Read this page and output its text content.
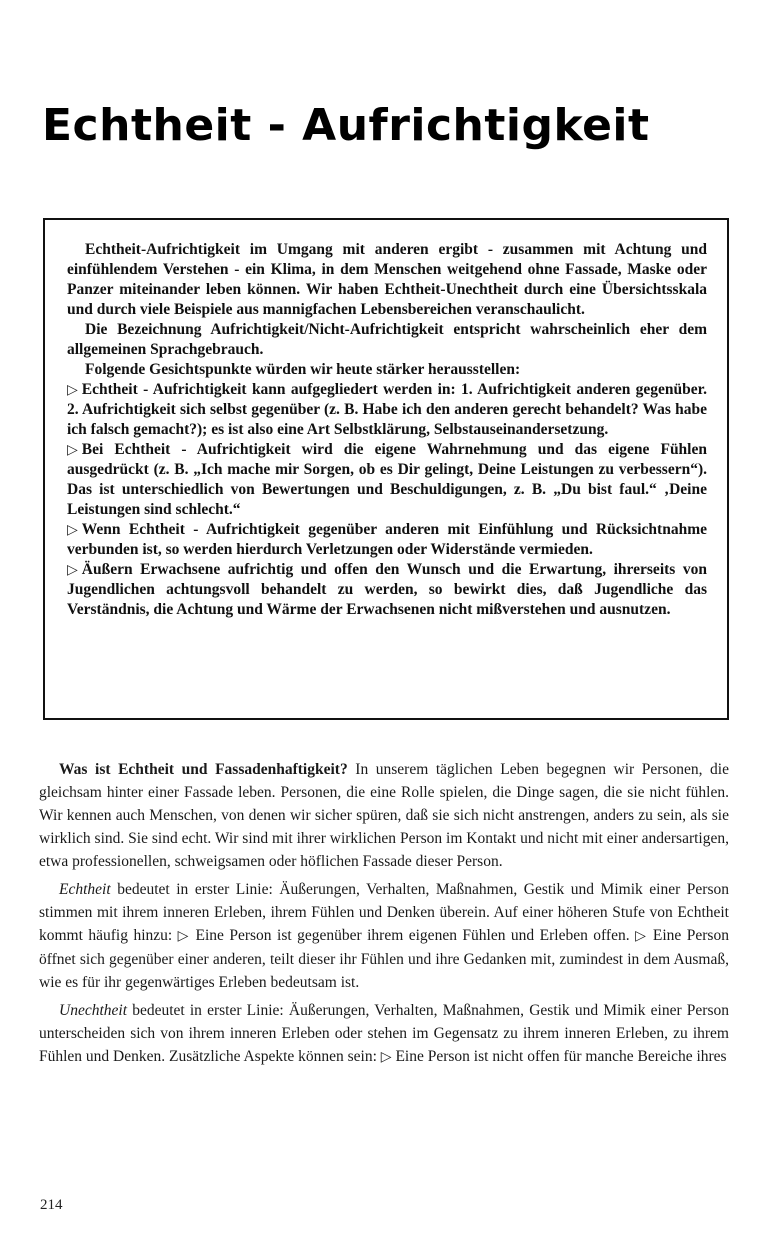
Echtheit - Aufrichtigkeit

Echtheit-Aufrichtigkeit im Umgang mit anderen ergibt - zusammen mit Achtung und einfühlendem Verstehen - ein Klima, in dem Menschen weitgehend ohne Fassade, Maske oder Panzer miteinander leben können. Wir haben Echtheit-Unechtheit durch eine Übersichtsskala und durch viele Beispiele aus mannigfachen Lebensbereichen veranschaulicht.

Die Bezeichnung Aufrichtigkeit/Nicht-Aufrichtigkeit entspricht wahrscheinlich eher dem allgemeinen Sprachgebrauch.

Folgende Gesichtspunkte würden wir heute stärker herausstellen:

▷ Echtheit - Aufrichtigkeit kann aufgegliedert werden in: 1. Aufrichtigkeit anderen gegenüber. 2. Aufrichtigkeit sich selbst gegenüber (z. B. Habe ich den anderen gerecht behandelt? Was habe ich falsch gemacht?); es ist also eine Art Selbstklärung, Selbstauseinandersetzung.

▷ Bei Echtheit - Aufrichtigkeit wird die eigene Wahrnehmung und das eigene Fühlen ausgedrückt (z. B. „Ich mache mir Sorgen, ob es Dir gelingt, Deine Leistungen zu verbessern“). Das ist unterschiedlich von Bewertungen und Beschuldigungen, z. B. „Du bist faul.“ ‚Deine Leistungen sind schlecht.“

▷ Wenn Echtheit - Aufrichtigkeit gegenüber anderen mit Einfühlung und Rücksichtnahme verbunden ist, so werden hierdurch Verletzungen oder Widerstände vermieden.

▷ Äußern Erwachsene aufrichtig und offen den Wunsch und die Erwartung, ihrerseits von Jugendlichen achtungsvoll behandelt zu werden, so bewirkt dies, daß Jugendliche das Verständnis, die Achtung und Wärme der Erwachsenen nicht mißverstehen und ausnutzen.

Was ist Echtheit und Fassadenhaftigkeit? In unserem täglichen Leben begegnen wir Personen, die gleichsam hinter einer Fassade leben. Personen, die eine Rolle spielen, die Dinge sagen, die sie nicht fühlen. Wir kennen auch Menschen, von denen wir sicher spüren, daß sie sich nicht anstrengen, anders zu sein, als sie wirklich sind. Sie sind echt. Wir sind mit ihrer wirklichen Person im Kontakt und nicht mit einer andersartigen, etwa professionellen, schweigsamen oder höflichen Fassade dieser Person.

Echtheit bedeutet in erster Linie: Äußerungen, Verhalten, Maßnahmen, Gestik und Mimik einer Person stimmen mit ihrem inneren Erleben, ihrem Fühlen und Denken überein. Auf einer höheren Stufe von Echtheit kommt häufig hinzu: ▷ Eine Person ist gegenüber ihrem eigenen Fühlen und Erleben offen. ▷ Eine Person öffnet sich gegenüber einer anderen, teilt dieser ihr Fühlen und ihre Gedanken mit, zumindest in dem Ausmaß, wie es für ihr gegenwärtiges Erleben bedeutsam ist.

Unechtheit bedeutet in erster Linie: Äußerungen, Verhalten, Maßnahmen, Gestik und Mimik einer Person unterscheiden sich von ihrem inneren Erleben oder stehen im Gegensatz zu ihrem inneren Erleben, zu ihrem Fühlen und Denken. Zusätzliche Aspekte können sein: ▷ Eine Person ist nicht offen für manche Bereiche ihres

214
